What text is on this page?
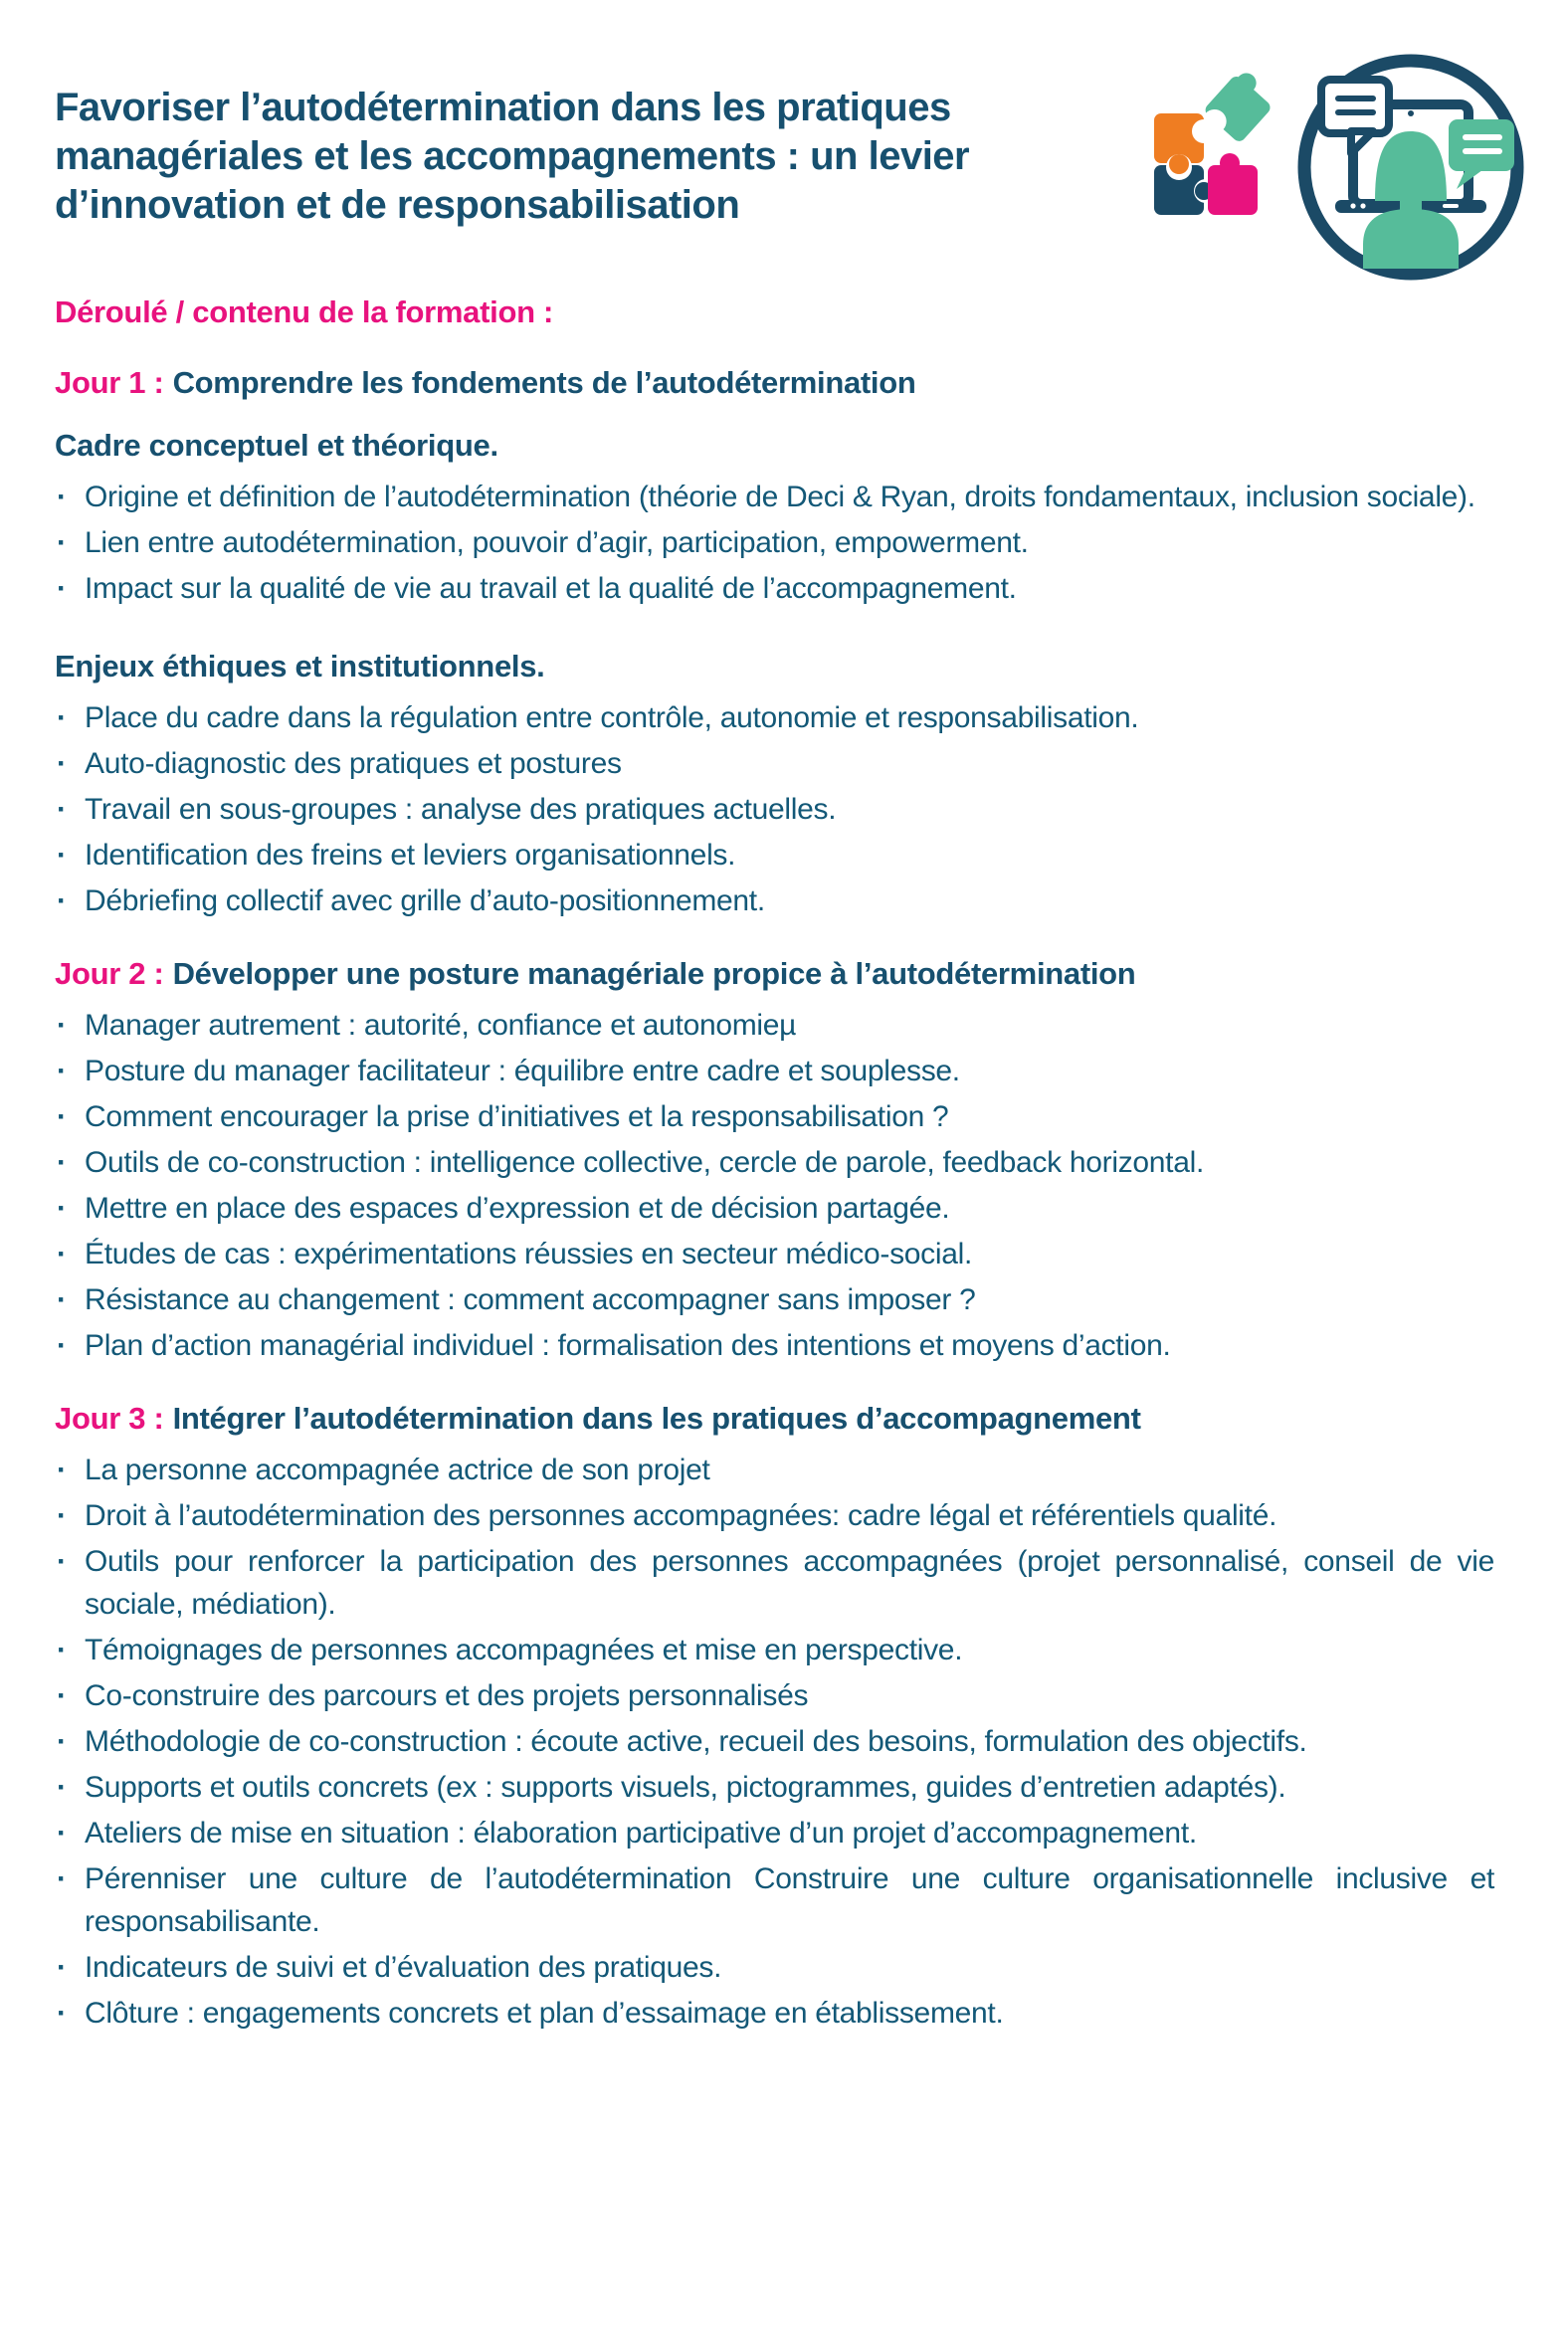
Favoriser l’autodétermination dans les pratiques
managériales et les accompagnements : un levier
d’innovation et de responsabilisation
Déroulé / contenu de la formation :
Jour 1 : Comprendre les fondements de l’autodétermination
Cadre conceptuel et théorique.
· Origine et définition de l’autodétermination (théorie de Deci & Ryan, droits fondamentaux, inclusion sociale).
· Lien entre autodétermination, pouvoir d’agir, participation, empowerment.
· Impact sur la qualité de vie au travail et la qualité de l’accompagnement.
Enjeux éthiques et institutionnels.
· Place du cadre dans la régulation entre contrôle, autonomie et responsabilisation.
· Auto-diagnostic des pratiques et postures
· Travail en sous-groupes : analyse des pratiques actuelles.
· Identification des freins et leviers organisationnels.
· Débriefing collectif avec grille d’auto-positionnement.
Jour 2 : Développer une posture managériale propice à l’autodétermination
· Manager autrement : autorité, confiance et autonomieµ
· Posture du manager facilitateur : équilibre entre cadre et souplesse.
· Comment encourager la prise d’initiatives et la responsabilisation ?
· Outils de co-construction : intelligence collective, cercle de parole, feedback horizontal.
· Mettre en place des espaces d’expression et de décision partagée.
· Études de cas : expérimentations réussies en secteur médico-social.
· Résistance au changement : comment accompagner sans imposer ?
· Plan d’action managérial individuel : formalisation des intentions et moyens d’action.
Jour 3 : Intégrer l’autodétermination dans les pratiques d’accompagnement
· La personne accompagnée actrice de son projet
· Droit à l’autodétermination des personnes accompagnées: cadre légal et référentiels qualité.
· Outils pour renforcer la participation des personnes accompagnées (projet personnalisé, conseil de vie sociale, médiation).
· Témoignages de personnes accompagnées et mise en perspective.
· Co-construire des parcours et des projets personnalisés
· Méthodologie de co-construction : écoute active, recueil des besoins, formulation des objectifs.
· Supports et outils concrets (ex : supports visuels, pictogrammes, guides d’entretien adaptés).
· Ateliers de mise en situation : élaboration participative d’un projet d’accompagnement.
· Pérenniser une culture de l’autodétermination Construire une culture organisationnelle inclusive et responsabilisante.
· Indicateurs de suivi et d’évaluation des pratiques.
· Clôture : engagements concrets et plan d’essaimage en établissement.
